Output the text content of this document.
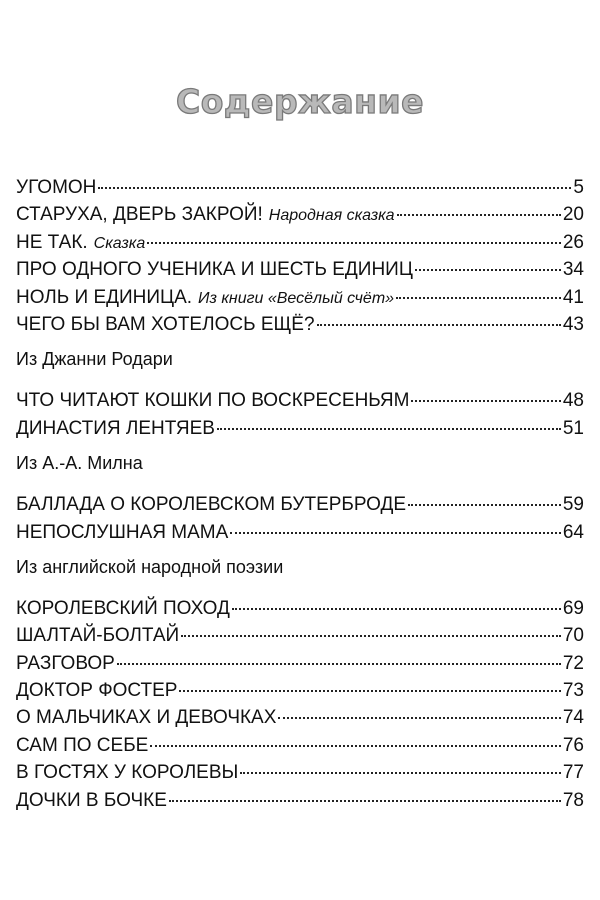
Содержание
УГОМОН	5
СТАРУХА, ДВЕРЬ ЗАКРОЙ! Народная сказка	20
НЕ ТАК. Сказка	26
ПРО ОДНОГО УЧЕНИКА И ШЕСТЬ ЕДИНИЦ	34
НОЛЬ И ЕДИНИЦА. Из книги «Весёлый счёт»	41
ЧЕГО БЫ ВАМ ХОТЕЛОСЬ ЕЩЁ?	43
Из Джанни Родари
ЧТО ЧИТАЮТ КОШКИ ПО ВОСКРЕСЕНЬЯМ	48
ДИНАСТИЯ ЛЕНТЯЕВ	51
Из А.-А. Милна
БАЛЛАДА О КОРОЛЕВСКОМ БУТЕРБРОДЕ	59
НЕПОСЛУШНАЯ МАМА	64
Из английской народной поэзии
КОРОЛЕВСКИЙ ПОХОД	69
ШАЛТАЙ-БОЛТАЙ	70
РАЗГОВОР	72
ДОКТОР ФОСТЕР	73
О МАЛЬЧИКАХ И ДЕВОЧКАХ	74
САМ ПО СЕБЕ	76
В ГОСТЯХ У КОРОЛЕВЫ	77
ДОЧКИ В БОЧКЕ	78
